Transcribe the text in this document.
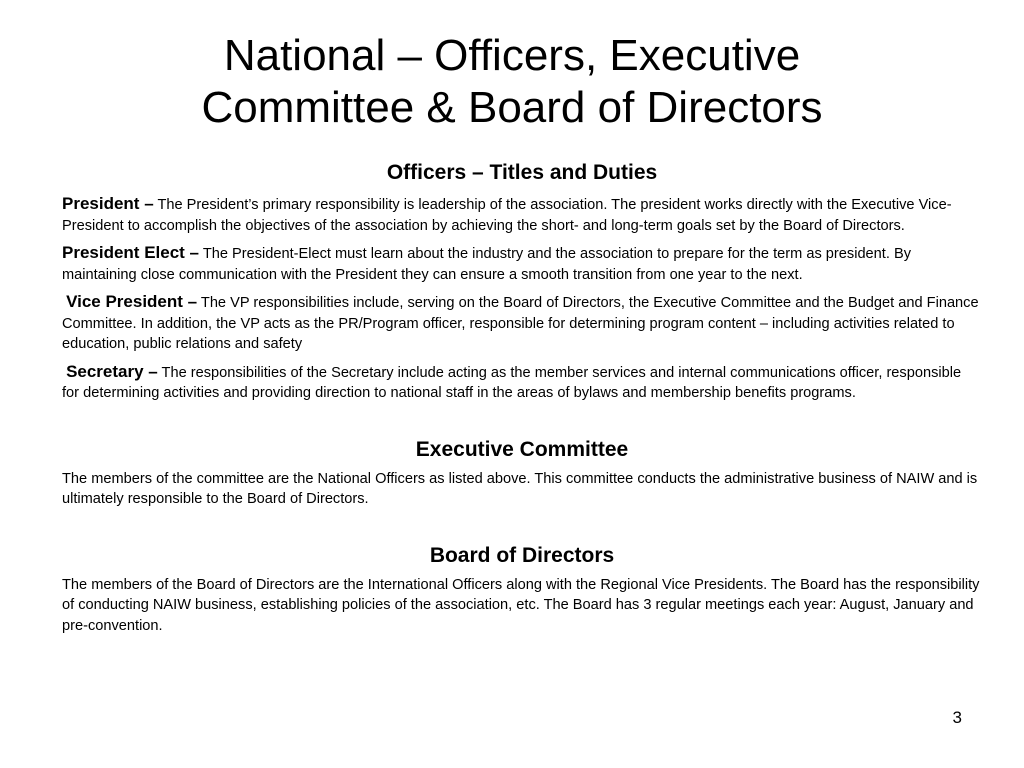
National – Officers, Executive
Committee & Board of Directors
Officers – Titles and Duties

President – The President’s primary responsibility is leadership of the association. The president works directly with the Executive Vice-President to accomplish the objectives of the association by achieving the short- and long-term goals set by the Board of Directors.

President Elect – The President-Elect must learn about the industry and the association to prepare for the term as president. By maintaining close communication with the President they can ensure a smooth transition from one year to the next.

Vice President – The VP responsibilities include, serving on the Board of Directors, the Executive Committee and the Budget and Finance Committee. In addition, the VP acts as the PR/Program officer, responsible for determining program content – including activities related to education, public relations and safety

Secretary – The responsibilities of the Secretary include acting as the member services and internal communications officer, responsible for determining activities and providing direction to national staff in the areas of bylaws and membership benefits programs.

Executive Committee

The members of the committee are the National Officers as listed above. This committee conducts the administrative business of NAIW and is ultimately responsible to the Board of Directors.

Board of Directors

The members of the Board of Directors are the International Officers along with the Regional Vice Presidents. The Board has the responsibility of conducting NAIW business, establishing policies of the association, etc. The Board has 3 regular meetings each year: August, January and pre-convention.

3
